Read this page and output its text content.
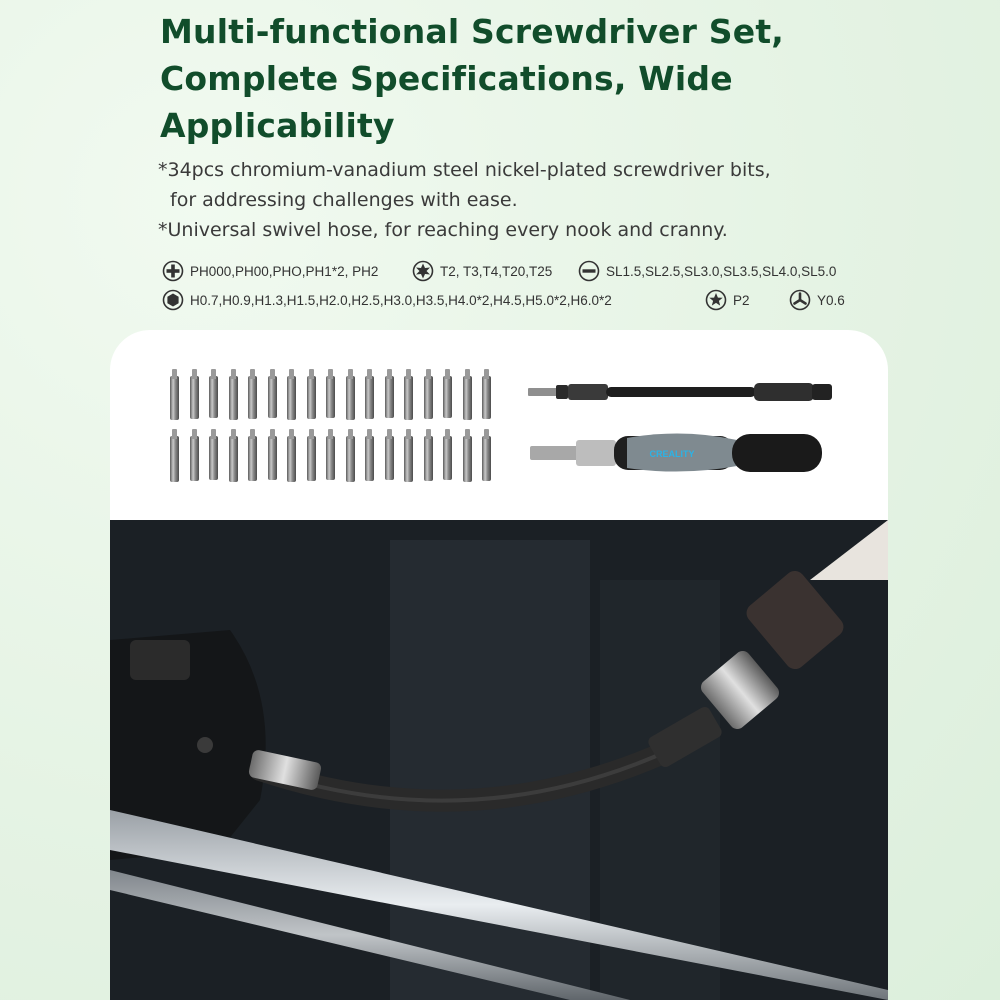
Multi-functional Screwdriver Set,
Complete Specifications, Wide
Applicability

*34pcs chromium-vanadium steel nickel-plated screwdriver bits,

for addressing challenges with ease.

*Universal swivel hose, for reaching every nook and cranny.

PH000,PH00,PHO,PH1*2, PH2	T2, T3,T4,T20,T25	SL1.5,SL2.5,SL3.0,SL3.5,SL4.0,SL5.0
H0.7,H0.9,H1.3,H1.5,H2.0,H2.5,H3.0,H3.5,H4.0*2,H4.5,H5.0*2,H6.0*2	P2	Y0.6
CREALITY
